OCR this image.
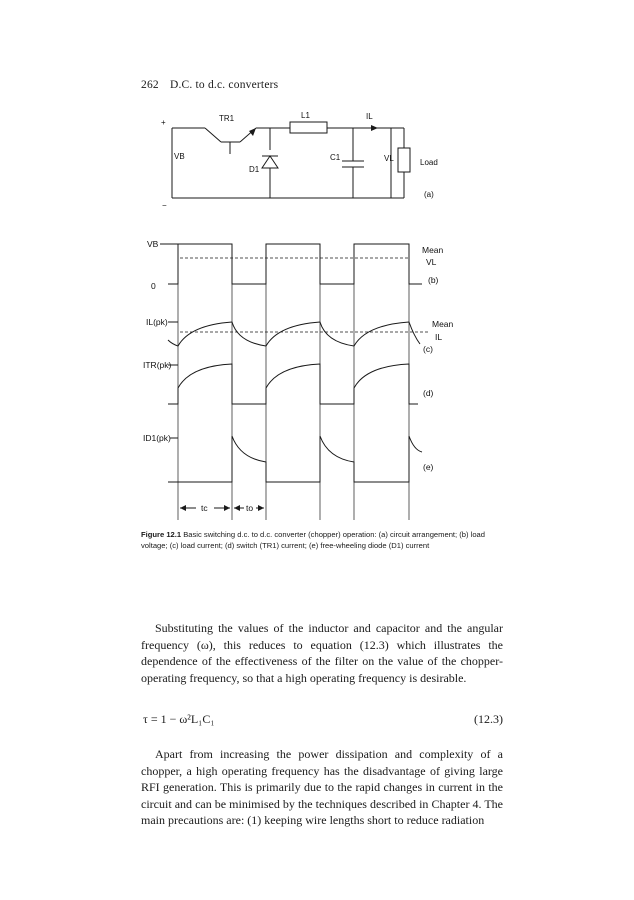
262 D.C. to d.c. converters
+
−
TR1	L1	IL
D1
C1	VL	Load
VB
(a)
VB
0
Mean
VL
(b)
IL(pk)	Mean
IL
(c)
ITR(pk)
(d)
ID1(pk)
(e)
tc	to
Figure 12.1 Basic switching d.c. to d.c. converter (chopper) operation: (a) circuit arrangement; (b) load voltage; (c) load current; (d) switch (TR1) current; (e) free-wheeling diode (D1) current
Substituting the values of the inductor and capacitor and the angular frequency (ω), this reduces to equation (12.3) which illustrates the dependence of the effectiveness of the filter on the value of the chopper-operating frequency, so that a high operating frequency is desirable.
τ = 1 − ω²L₁C₁	(12.3)
Apart from increasing the power dissipation and complexity of a chopper, a high operating frequency has the disadvantage of giving large RFI generation. This is primarily due to the rapid changes in current in the circuit and can be minimised by the techniques described in Chapter 4. The main precautions are: (1) keeping wire lengths short to reduce radiation
